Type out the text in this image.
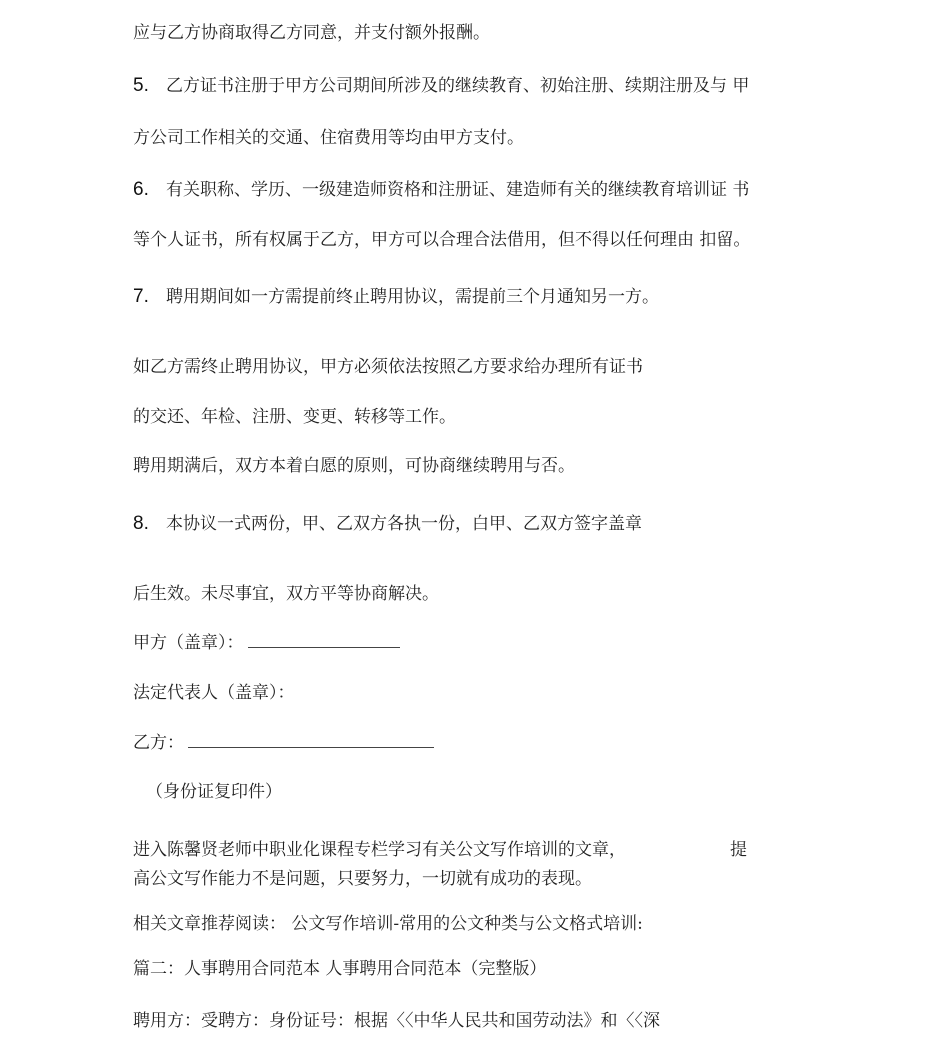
应与乙方协商取得乙方同意，并支付额外报酬。
5. 乙方证书注册于甲方公司期间所涉及的继续教育、初始注册、续期注册及与 甲
方公司工作相关的交通、住宿费用等均由甲方支付。
6. 有关职称、学历、一级建造师资格和注册证、建造师有关的继续教育培训证 书
等个人证书，所有权属于乙方，甲方可以合理合法借用，但不得以任何理由 扣留。
7. 聘用期间如一方需提前终止聘用协议，需提前三个月通知另一方。
如乙方需终止聘用协议，甲方必须依法按照乙方要求给办理所有证书
的交还、年检、注册、变更、转移等工作。
聘用期满后，双方本着白愿的原则，可协商继续聘用与否。
8. 本协议一式两份，甲、乙双方各执一份，白甲、乙双方签字盖章
后生效。未尽事宜，双方平等协商解决。
甲方（盖章）：
法定代表人（盖章）：
乙方：
（身份证复印件）
进入陈馨贤老师中职业化课程专栏学习有关公文写作培训的文章，	提
高公文写作能力不是问题，只要努力，一切就有成功的表现。
相关文章推荐阅读： 公文写作培训-常用的公文种类与公文格式培训:
篇二：人事聘用合同范本 人事聘用合同范本（完整版）
聘用方：受聘方：身份证号：根据〈〈中华人民共和国劳动法》和〈〈深
